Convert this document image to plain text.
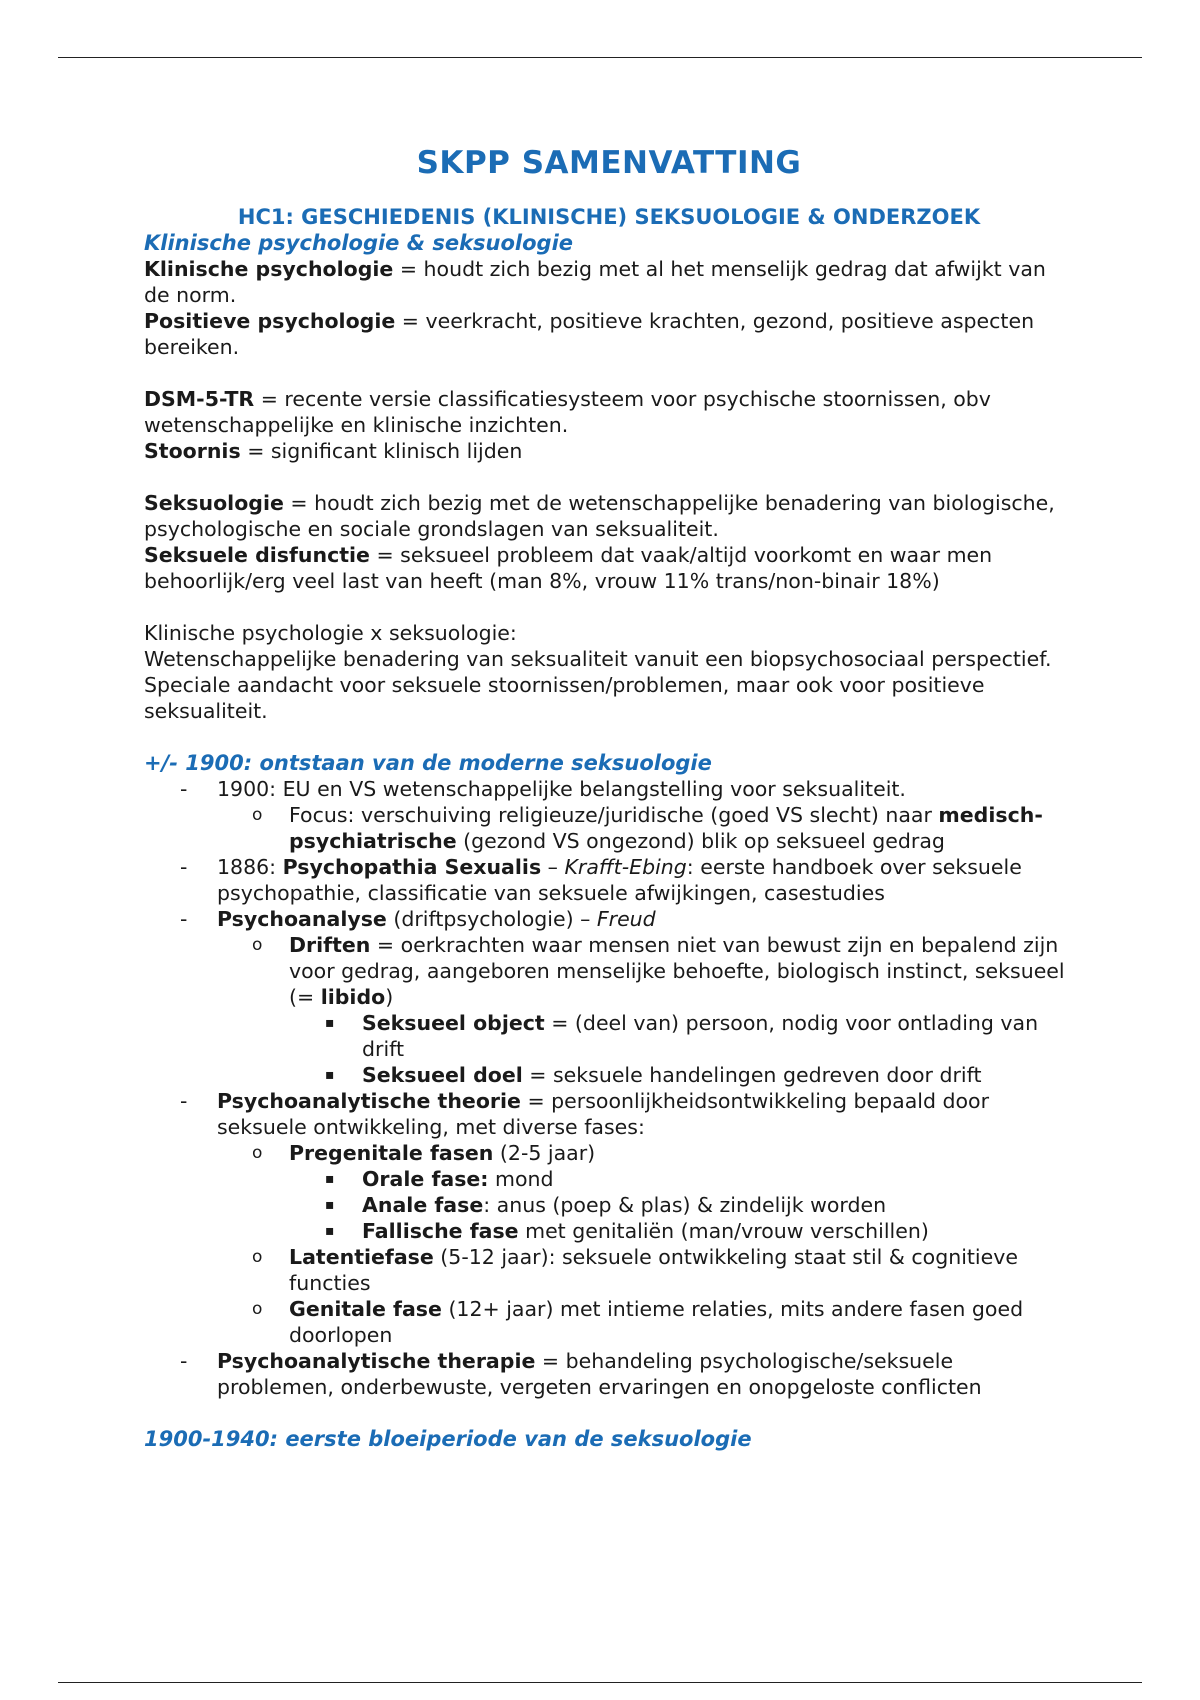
SKPP SAMENVATTING
HC1: GESCHIEDENIS (KLINISCHE) SEKSUOLOGIE & ONDERZOEK
Klinische psychologie & seksuologie

Klinische psychologie = houdt zich bezig met al het menselijk gedrag dat afwijkt van de norm.

Positieve psychologie = veerkracht, positieve krachten, gezond, positieve aspecten bereiken.

DSM-5-TR = recente versie classificatiesysteem voor psychische stoornissen, obv wetenschappelijke en klinische inzichten.

Stoornis = significant klinisch lijden

Seksuologie = houdt zich bezig met de wetenschappelijke benadering van biologische, psychologische en sociale grondslagen van seksualiteit.

Seksuele disfunctie = seksueel probleem dat vaak/altijd voorkomt en waar men behoorlijk/erg veel last van heeft (man 8%, vrouw 11% trans/non-binair 18%)

Klinische psychologie x seksuologie:

Wetenschappelijke benadering van seksualiteit vanuit een biopsychosociaal perspectief. Speciale aandacht voor seksuele stoornissen/problemen, maar ook voor positieve seksualiteit.

+/- 1900: ontstaan van de moderne seksuologie
- 1900: EU en VS wetenschappelijke belangstelling voor seksualiteit.
o Focus: verschuiving religieuze/juridische (goed VS slecht) naar medisch-psychiatrische (gezond VS ongezond) blik op seksueel gedrag
- 1886: Psychopathia Sexualis – Krafft-Ebing: eerste handboek over seksuele psychopathie, classificatie van seksuele afwijkingen, casestudies
- Psychoanalyse (driftpsychologie) – Freud
o Driften = oerkrachten waar mensen niet van bewust zijn en bepalend zijn voor gedrag, aangeboren menselijke behoefte, biologisch instinct, seksueel (= libido)
▪ Seksueel object = (deel van) persoon, nodig voor ontlading van drift
▪ Seksueel doel = seksuele handelingen gedreven door drift
- Psychoanalytische theorie = persoonlijkheidsontwikkeling bepaald door seksuele ontwikkeling, met diverse fases:
o Pregenitale fasen (2-5 jaar)
▪ Orale fase: mond
▪ Anale fase: anus (poep & plas) & zindelijk worden
▪ Fallische fase met genitaliën (man/vrouw verschillen)
o Latentiefase (5-12 jaar): seksuele ontwikkeling staat stil & cognitieve functies
o Genitale fase (12+ jaar) met intieme relaties, mits andere fasen goed doorlopen
- Psychoanalytische therapie = behandeling psychologische/seksuele problemen, onderbewuste, vergeten ervaringen en onopgeloste conflicten
1900-1940: eerste bloeiperiode van de seksuologie
